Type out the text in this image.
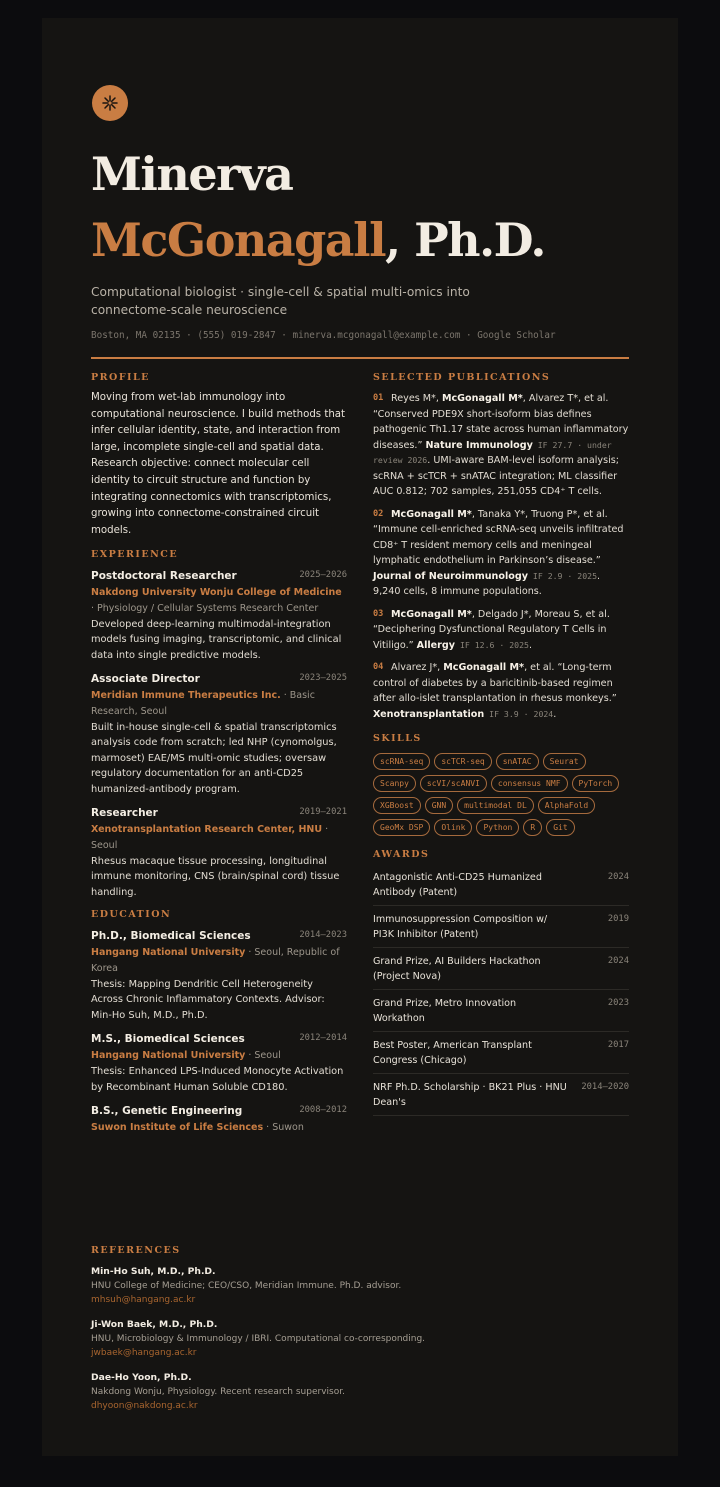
Minerva
McGonagall, Ph.D.
Computational biologist · single-cell & spatial multi-omics into connectome-scale neuroscience
Boston, MA 02135 · (555) 019-2847 · minerva.mcgonagall@example.com · Google Scholar
PROFILE
Moving from wet-lab immunology into computational neuroscience. I build methods that infer cellular identity, state, and interaction from large, incomplete single-cell and spatial data. Research objective: connect molecular cell identity to circuit structure and function by integrating connectomics with transcriptomics, growing into connectome-constrained circuit models.
EXPERIENCE
Postdoctoral Researcher	2025–2026
Nakdong University Wonju College of Medicine · Physiology / Cellular Systems Research Center
Developed deep-learning multimodal-integration models fusing imaging, transcriptomic, and clinical data into single predictive models.
Associate Director	2023–2025
Meridian Immune Therapeutics Inc. · Basic Research, Seoul
Built in-house single-cell & spatial transcriptomics analysis code from scratch; led NHP (cynomolgus, marmoset) EAE/MS multi-omic studies; oversaw regulatory documentation for an anti-CD25 humanized-antibody program.
Researcher	2019–2021
Xenotransplantation Research Center, HNU · Seoul
Rhesus macaque tissue processing, longitudinal immune monitoring, CNS (brain/spinal cord) tissue handling.
EDUCATION
Ph.D., Biomedical Sciences	2014–2023
Hangang National University · Seoul, Republic of Korea
Thesis: Mapping Dendritic Cell Heterogeneity Across Chronic Inflammatory Contexts. Advisor: Min-Ho Suh, M.D., Ph.D.
M.S., Biomedical Sciences	2012–2014
Hangang National University · Seoul
Thesis: Enhanced LPS-Induced Monocyte Activation by Recombinant Human Soluble CD180.
B.S., Genetic Engineering	2008–2012
Suwon Institute of Life Sciences · Suwon
SELECTED PUBLICATIONS
01 Reyes M*, McGonagall M*, Alvarez T*, et al. “Conserved PDE9X short-isoform bias defines pathogenic Th1.17 state across human inflammatory diseases.” Nature Immunology IF 27.7 · under review 2026. UMI-aware BAM-level isoform analysis; scRNA + scTCR + snATAC integration; ML classifier AUC 0.812; 702 samples, 251,055 CD4⁺ T cells.
02 McGonagall M*, Tanaka Y*, Truong P*, et al. “Immune cell-enriched scRNA-seq unveils infiltrated CD8⁺ T resident memory cells and meningeal lymphatic endothelium in Parkinson’s disease.” Journal of Neuroimmunology IF 2.9 · 2025. 9,240 cells, 8 immune populations.
03 McGonagall M*, Delgado J*, Moreau S, et al. “Deciphering Dysfunctional Regulatory T Cells in Vitiligo.” Allergy IF 12.6 · 2025.
04 Alvarez J*, McGonagall M*, et al. “Long-term control of diabetes by a baricitinib-based regimen after allo-islet transplantation in rhesus monkeys.” Xenotransplantation IF 3.9 · 2024.
SKILLS
scRNA-seq	scTCR-seq	snATAC	Seurat
Scanpy	scVI/scANVI	consensus NMF	PyTorch
XGBoost	GNN	multimodal DL	AlphaFold
GeoMx DSP	Olink	Python	R	Git
AWARDS
Antagonistic Anti-CD25 Humanized Antibody (Patent)
2024
Immunosuppression Composition w/ PI3K Inhibitor (Patent)
2019
Grand Prize, AI Builders Hackathon (Project Nova)
2024
Grand Prize, Metro Innovation Workathon
2023
Best Poster, American Transplant Congress (Chicago)
2017
NRF Ph.D. Scholarship · BK21 Plus · HNU Dean's
2014–2020
REFERENCES
Min-Ho Suh, M.D., Ph.D.
HNU College of Medicine; CEO/CSO, Meridian Immune. Ph.D. advisor.
mhsuh@hangang.ac.kr
Ji-Won Baek, M.D., Ph.D.
HNU, Microbiology & Immunology / IBRI. Computational co-corresponding.
jwbaek@hangang.ac.kr
Dae-Ho Yoon, Ph.D.
Nakdong Wonju, Physiology. Recent research supervisor.
dhyoon@nakdong.ac.kr
